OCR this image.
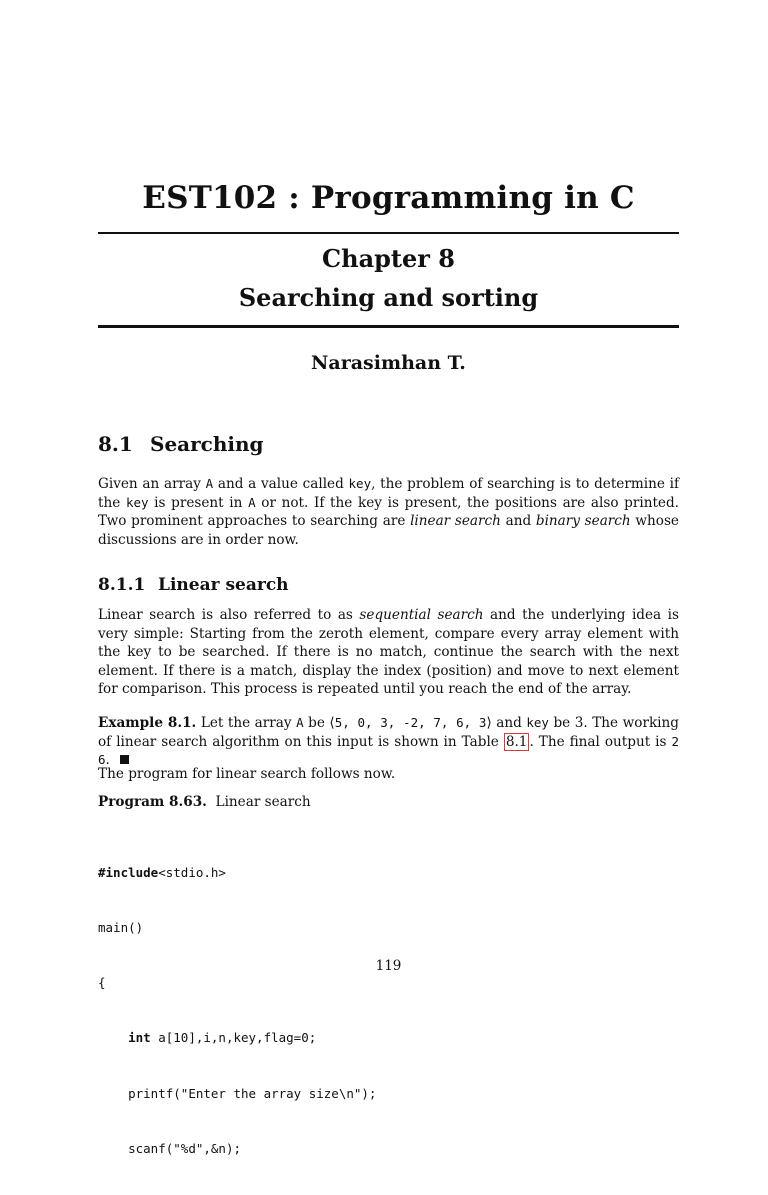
EST102 : Programming in C
Chapter 8
Searching and sorting
Narasimhan T.
8.1 Searching
Given an array A and a value called key, the problem of searching is to determine if the key is present in A or not. If the key is present, the positions are also printed. Two prominent approaches to searching are linear search and binary search whose discussions are in order now.
8.1.1 Linear search
Linear search is also referred to as sequential search and the underlying idea is very simple: Starting from the zeroth element, compare every array element with the key to be searched. If there is no match, continue the search with the next element. If there is a match, display the index (position) and move to next element for comparison. This process is repeated until you reach the end of the array.
Example 8.1. Let the array A be ⟨5, 0, 3, -2, 7, 6, 3⟩ and key be 3. The working of linear search algorithm on this input is shown in Table 8.1 . The final output is 2 6.
The program for linear search follows now.
Program 8.63. Linear search

#include<stdio.h>

main()

{

int a[10],i,n,key,flag=0;

printf("Enter the array size\n");

scanf("%d",&n);

119
